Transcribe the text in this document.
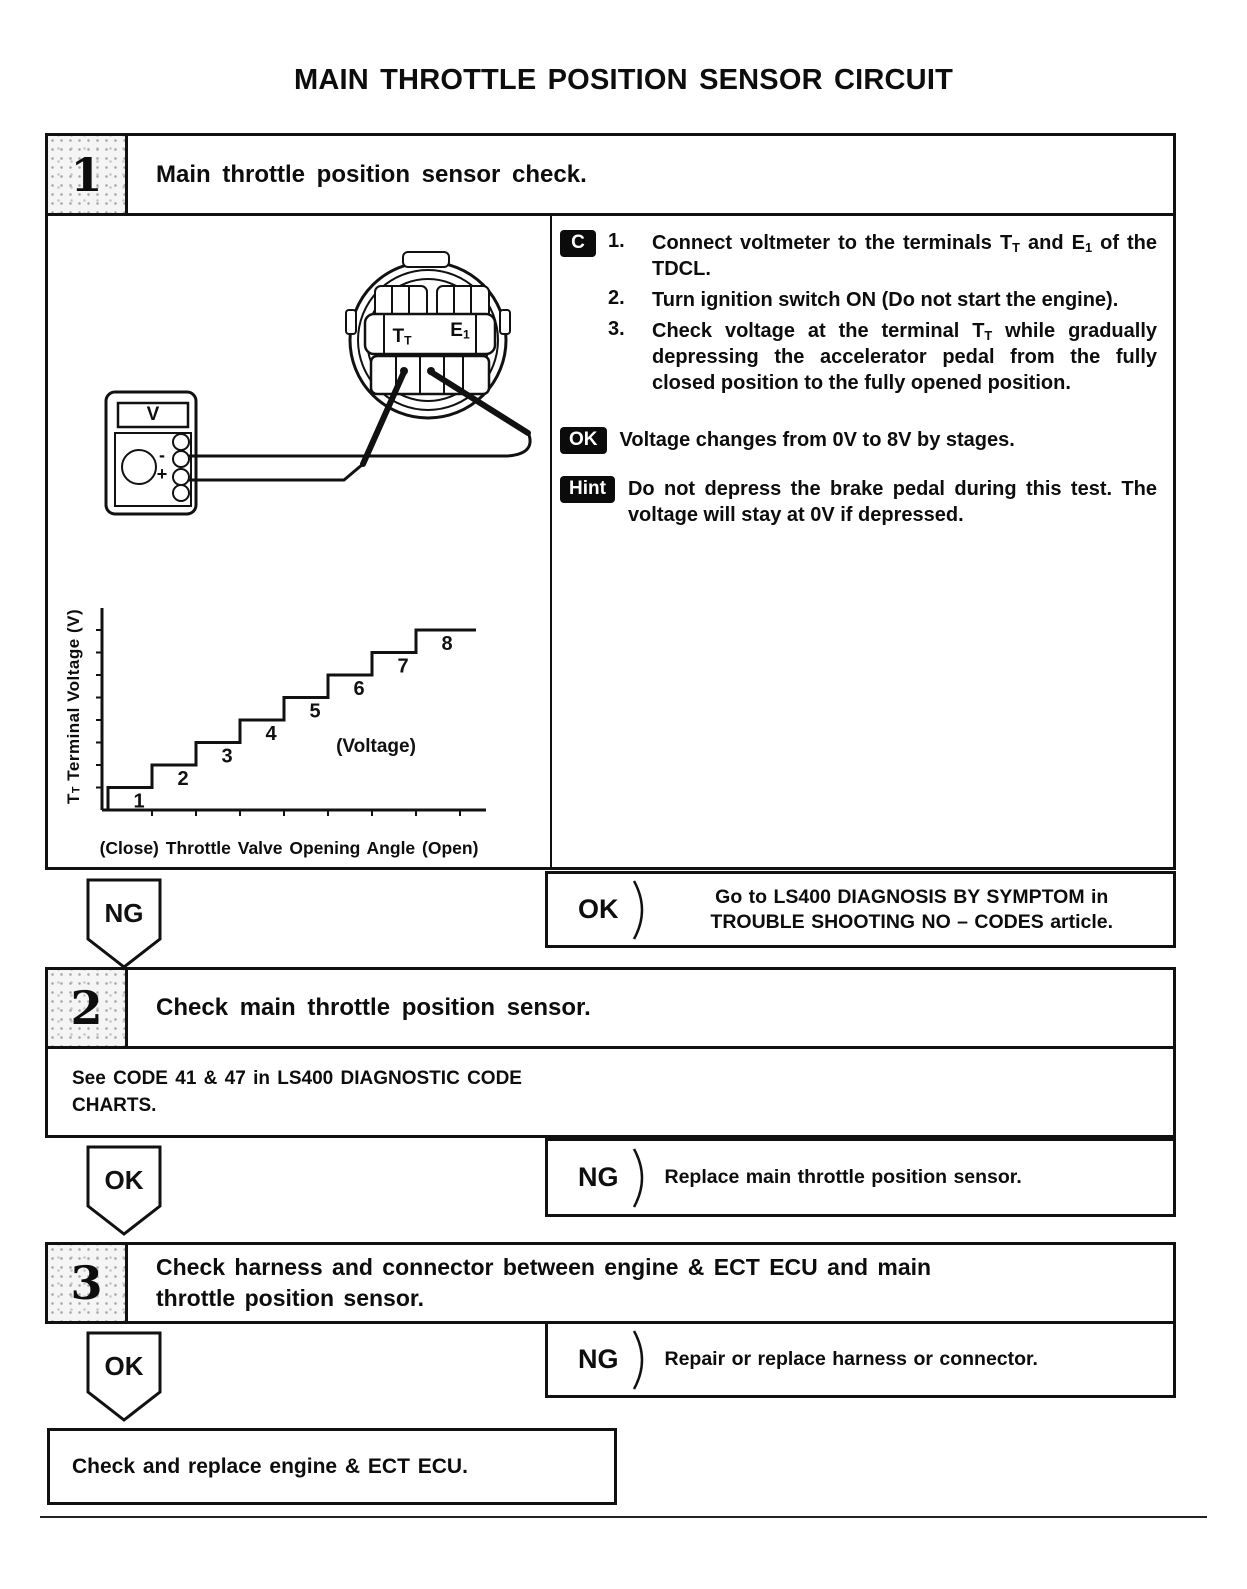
MAIN THROTTLE POSITION SENSOR CIRCUIT
1	Main throttle position sensor check.
V
-
+
$T_T$	$E_1$
$T_T$ Terminal Voltage (V)
1
2
3
4
5
6
7
8
(Voltage)
(Close) Throttle Valve Opening Angle (Open)
C	1.	Connect voltmeter to the terminals $T_T$ and $E_1$ of the TDCL.
2.	Turn ignition switch ON (Do not start the engine).
3.	Check voltage at the terminal $T_T$ while gradually depressing the accelerator pedal from the fully closed position to the fully opened position.
OK	Voltage changes from 0V to 8V by stages.
Hint	Do not depress the brake pedal during this test. The voltage will stay at 0V if depressed.
NG	OK	Go to LS400 DIAGNOSIS BY SYMPTOM in
TROUBLE SHOOTING NO – CODES article.
2	Check main throttle position sensor.
See CODE 41 & 47 in LS400 DIAGNOSTIC CODE
CHARTS.
OK	NG Replace main throttle position sensor.
3	Check harness and connector between engine & ECT ECU and main
throttle position sensor.
OK	NG Repair or replace harness or connector.
Check and replace engine & ECT ECU.
